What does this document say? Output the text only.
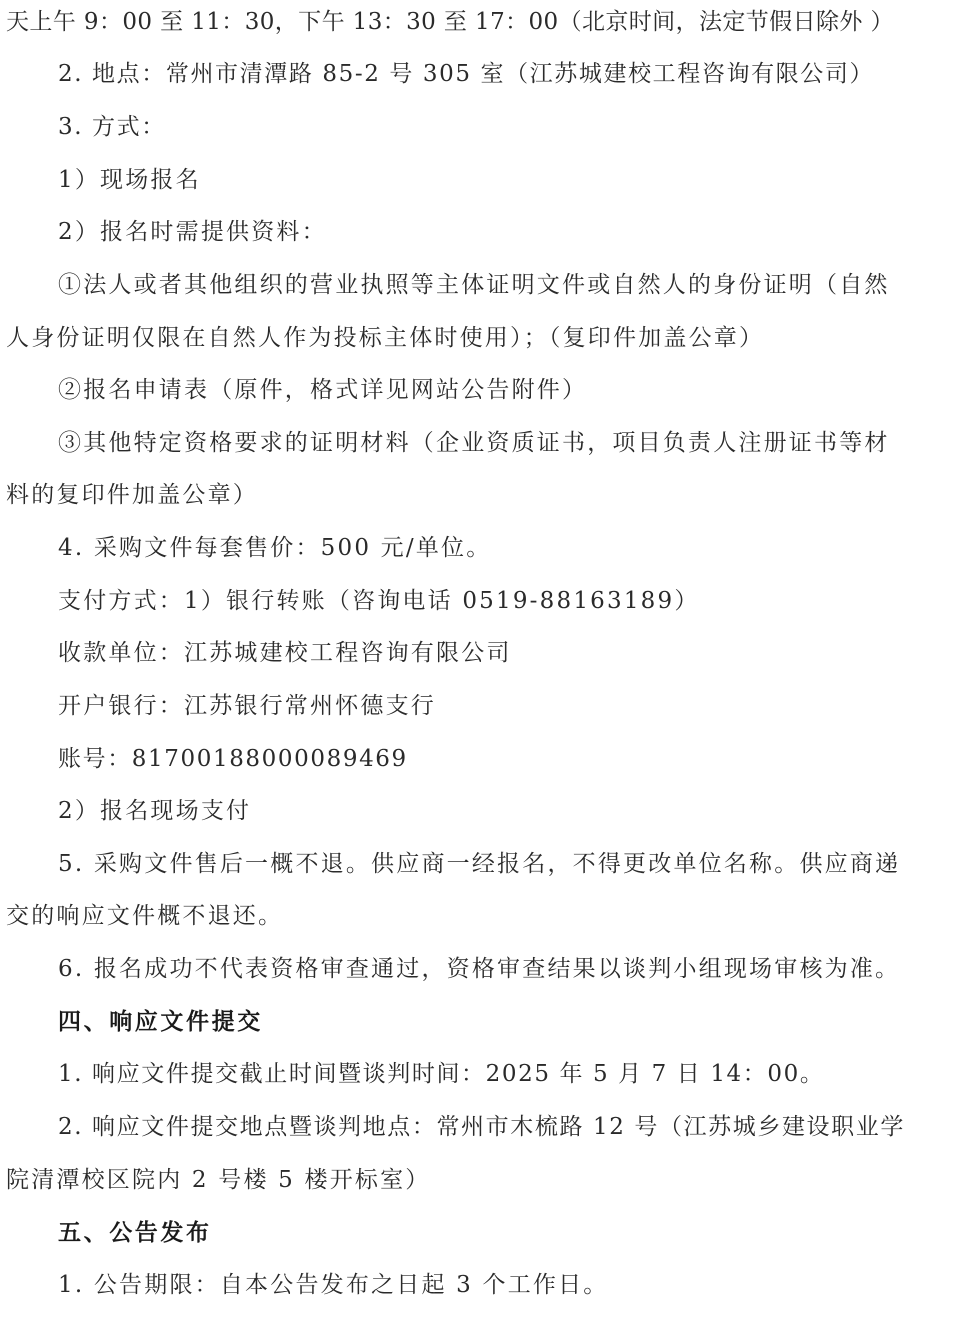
天上午 9：00 至 11：30，下午 13：30 至 17：00（北京时间，法定节假日除外 ）
2. 地点：常州市清潭路 85-2 号 305 室（江苏城建校工程咨询有限公司）
3. 方式：
1）现场报名
2）报名时需提供资料：
①法人或者其他组织的营业执照等主体证明文件或自然人的身份证明（自然
人身份证明仅限在自然人作为投标主体时使用）；（复印件加盖公章）
②报名申请表（原件，格式详见网站公告附件）
③其他特定资格要求的证明材料（企业资质证书，项目负责人注册证书等材
料的复印件加盖公章）
4. 采购文件每套售价：500 元/单位。
支付方式：1）银行转账（咨询电话 0519-88163189）
收款单位：江苏城建校工程咨询有限公司
开户银行：江苏银行常州怀德支行
账号：81700188000089469
2）报名现场支付
5. 采购文件售后一概不退。供应商一经报名，不得更改单位名称。供应商递
交的响应文件概不退还。
6. 报名成功不代表资格审查通过，资格审查结果以谈判小组现场审核为准。
四、响应文件提交
1. 响应文件提交截止时间暨谈判时间：2025 年 5 月 7 日 14：00。
2. 响应文件提交地点暨谈判地点：常州市木梳路 12 号（江苏城乡建设职业学
院清潭校区院内 2 号楼 5 楼开标室）
五、公告发布
1. 公告期限：自本公告发布之日起 3 个工作日。
